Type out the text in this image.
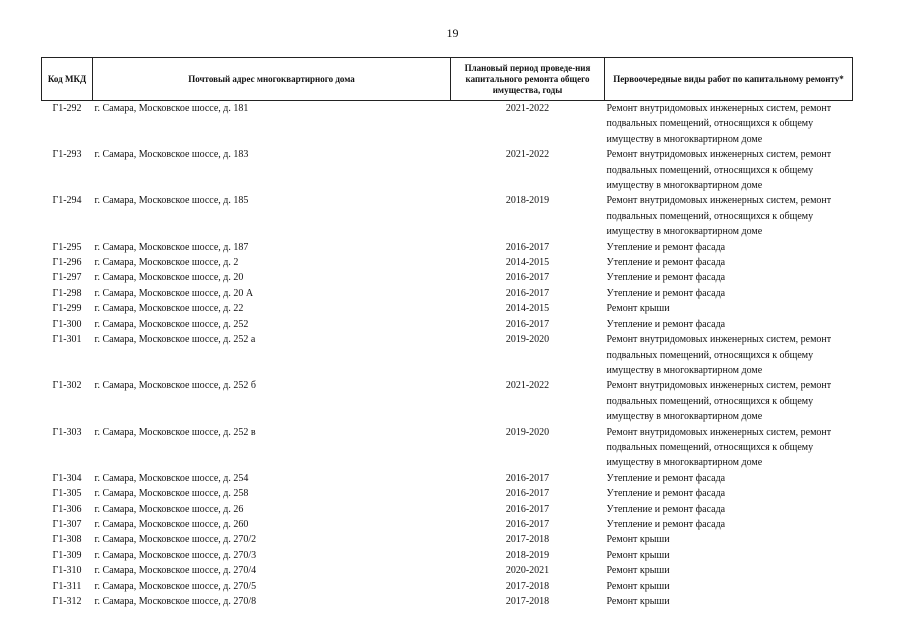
19
Код МКД	Почтовый адрес многоквартирного дома	Плановый период проведе-ния капитального ремонта общего имущества, годы	Первоочередные виды работ по капитальному ремонту*
Г1-292	г. Самара, Московское шоссе, д. 181	2021-2022	Ремонт внутридомовых инженерных систем, ремонт подвальных помещений, относящихся к общему имуществу в многоквартирном доме
Г1-293	г. Самара, Московское шоссе, д. 183	2021-2022	Ремонт внутридомовых инженерных систем, ремонт подвальных помещений, относящихся к общему имуществу в многоквартирном доме
Г1-294	г. Самара, Московское шоссе, д. 185	2018-2019	Ремонт внутридомовых инженерных систем, ремонт подвальных помещений, относящихся к общему имуществу в многоквартирном доме
Г1-295	г. Самара, Московское шоссе, д. 187	2016-2017	Утепление и ремонт фасада
Г1-296	г. Самара, Московское шоссе, д. 2	2014-2015	Утепление и ремонт фасада
Г1-297	г. Самара, Московское шоссе, д. 20	2016-2017	Утепление и ремонт фасада
Г1-298	г. Самара, Московское шоссе, д. 20 А	2016-2017	Утепление и ремонт фасада
Г1-299	г. Самара, Московское шоссе, д. 22	2014-2015	Ремонт крыши
Г1-300	г. Самара, Московское шоссе, д. 252	2016-2017	Утепление и ремонт фасада
Г1-301	г. Самара, Московское шоссе, д. 252 а	2019-2020	Ремонт внутридомовых инженерных систем, ремонт подвальных помещений, относящихся к общему имуществу в многоквартирном доме
Г1-302	г. Самара, Московское шоссе, д. 252 б	2021-2022	Ремонт внутридомовых инженерных систем, ремонт подвальных помещений, относящихся к общему имуществу в многоквартирном доме
Г1-303	г. Самара, Московское шоссе, д. 252 в	2019-2020	Ремонт внутридомовых инженерных систем, ремонт подвальных помещений, относящихся к общему имуществу в многоквартирном доме
Г1-304	г. Самара, Московское шоссе, д. 254	2016-2017	Утепление и ремонт фасада
Г1-305	г. Самара, Московское шоссе, д. 258	2016-2017	Утепление и ремонт фасада
Г1-306	г. Самара, Московское шоссе, д. 26	2016-2017	Утепление и ремонт фасада
Г1-307	г. Самара, Московское шоссе, д. 260	2016-2017	Утепление и ремонт фасада
Г1-308	г. Самара, Московское шоссе, д. 270/2	2017-2018	Ремонт крыши
Г1-309	г. Самара, Московское шоссе, д. 270/3	2018-2019	Ремонт крыши
Г1-310	г. Самара, Московское шоссе, д. 270/4	2020-2021	Ремонт крыши
Г1-311	г. Самара, Московское шоссе, д. 270/5	2017-2018	Ремонт крыши
Г1-312	г. Самара, Московское шоссе, д. 270/8	2017-2018	Ремонт крыши
